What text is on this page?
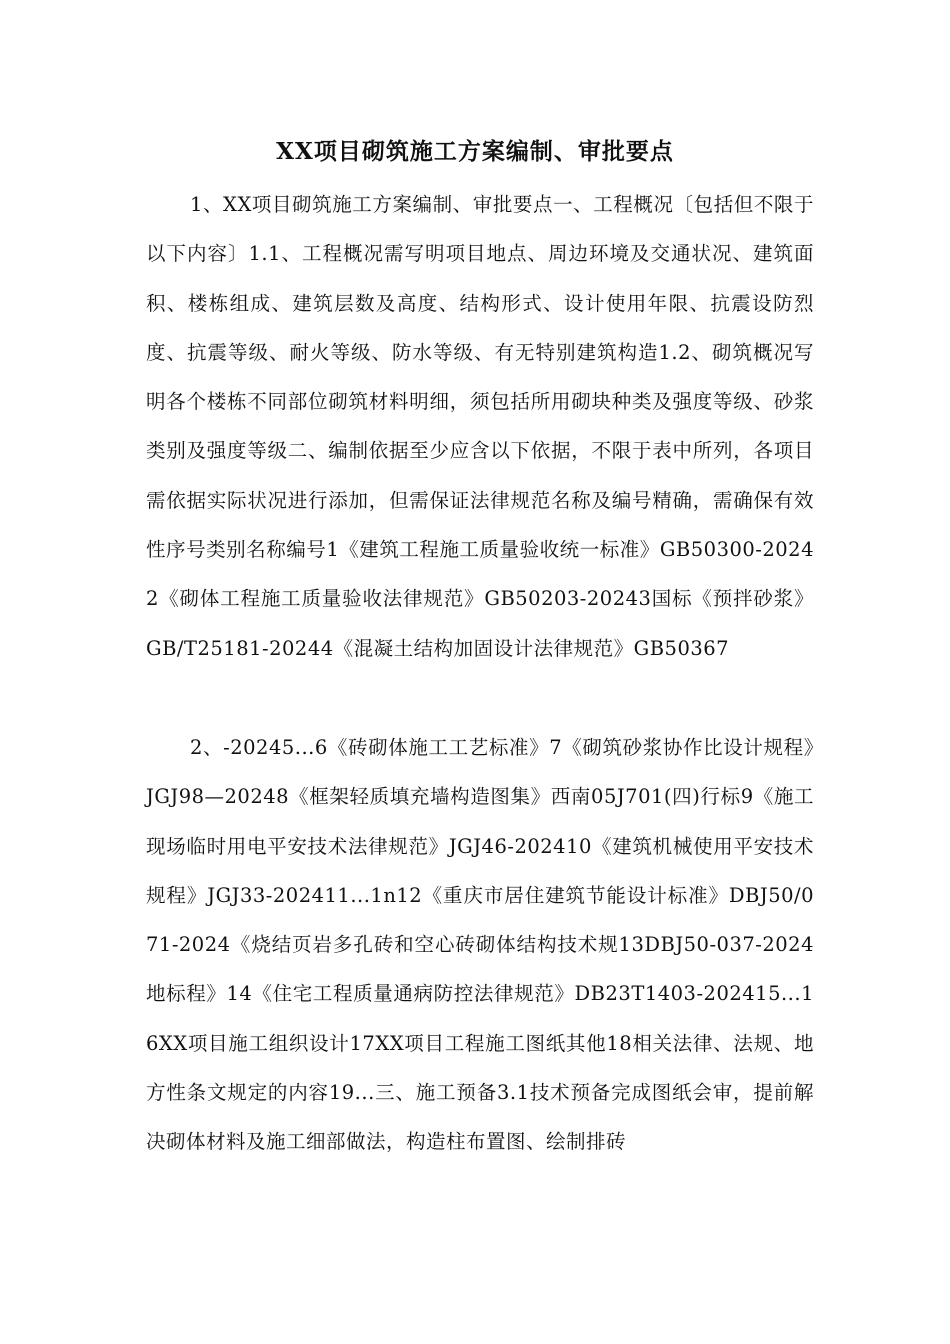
XX项目砌筑施工方案编制、审批要点

1、XX项目砌筑施工方案编制、审批要点一、工程概况〔包括但不限于以下内容〕1.1、工程概况需写明项目地点、周边环境及交通状况、建筑面积、楼栋组成、建筑层数及高度、结构形式、设计使用年限、抗震设防烈度、抗震等级、耐火等级、防水等级、有无特别建筑构造1.2、砌筑概况写明各个楼栋不同部位砌筑材料明细，须包括所用砌块种类及强度等级、砂浆类别及强度等级二、编制依据至少应含以下依据，不限于表中所列，各项目需依据实际状况进行添加，但需保证法律规范名称及编号精确，需确保有效性序号类别名称编号1《建筑工程施工质量验收统一标准》GB50300-20242《砌体工程施工质量验收法律规范》GB50203-20243国标《预拌砂浆》GB/T25181-20244《混凝土结构加固设计法律规范》GB50367

2、-20245...6《砖砌体施工工艺标准》7《砌筑砂浆协作比设计规程》JGJ98—20248《框架轻质填充墙构造图集》西南05J701(四)行标9《施工现场临时用电平安技术法律规范》JGJ46-202410《建筑机械使用平安技术规程》JGJ33-202411...1n12《重庆市居住建筑节能设计标准》DBJ50/071-2024《烧结页岩多孔砖和空心砖砌体结构技术规13DBJ50-037-2024地标程》14《住宅工程质量通病防控法律规范》DB23T1403-202415...16XX项目施工组织设计17XX项目工程施工图纸其他18相关法律、法规、地方性条文规定的内容19...三、施工预备3.1技术预备完成图纸会审，提前解决砌体材料及施工细部做法，构造柱布置图、绘制排砖
